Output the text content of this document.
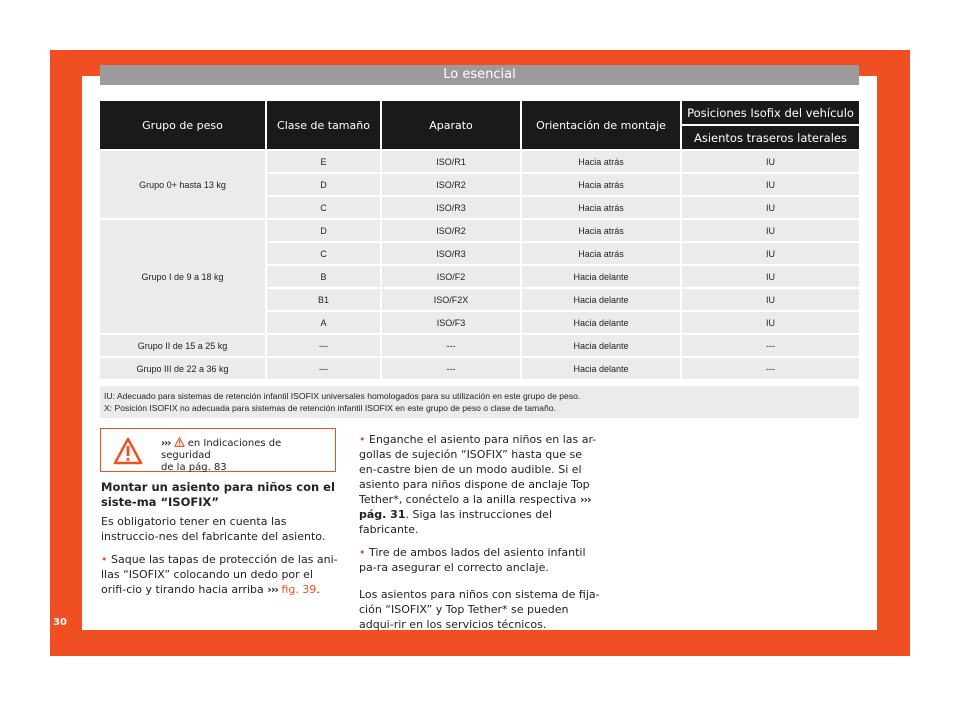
30
Lo esencial
Grupo de peso	Clase de tamaño	Aparato	Orientación de montaje	Posiciones Isofix del vehículo
				Asientos traseros laterales
Grupo 0+ hasta 13 kg	E	ISO/R1	Hacia atrás	IU
	D	ISO/R2	Hacia atrás	IU
	C	ISO/R3	Hacia atrás	IU
Grupo I de 9 a 18 kg	D	ISO/R2	Hacia atrás	IU
	C	ISO/R3	Hacia atrás	IU
	B	ISO/F2	Hacia delante	IU
	B1	ISO/F2X	Hacia delante	IU
	A	ISO/F3	Hacia delante	IU
Grupo II de 15 a 25 kg	---	---	Hacia delante	---
Grupo III de 22 a 36 kg	---	---	Hacia delante	---
IU: Adecuado para sistemas de retención infantil ISOFIX universales homologados para su utilización en este grupo de peso.
X: Posición ISOFIX no adecuada para sistemas de retención infantil ISOFIX en este grupo de peso o clase de tamaño.
››› en Indicaciones de seguridad
de la pág. 83
Montar un asiento para niños con el siste-ma “ISOFIX”

Es obligatorio tener en cuenta las instruccio-nes del fabricante del asiento.

• Saque las tapas de protección de las ani-llas “ISOFIX” colocando un dedo por el orifi-cio y tirando hacia arriba ››› fig. 39.

• Enganche el asiento para niños en las ar-gollas de sujeción “ISOFIX” hasta que se en-castre bien de un modo audible. Si el asiento para niños dispone de anclaje Top Tether*, conéctelo a la anilla respectiva ››› pág. 31. Siga las instrucciones del fabricante.

• Tire de ambos lados del asiento infantil pa-ra asegurar el correcto anclaje.

Los asientos para niños con sistema de fija-ción “ISOFIX” y Top Tether* se pueden adqui-rir en los servicios técnicos.
